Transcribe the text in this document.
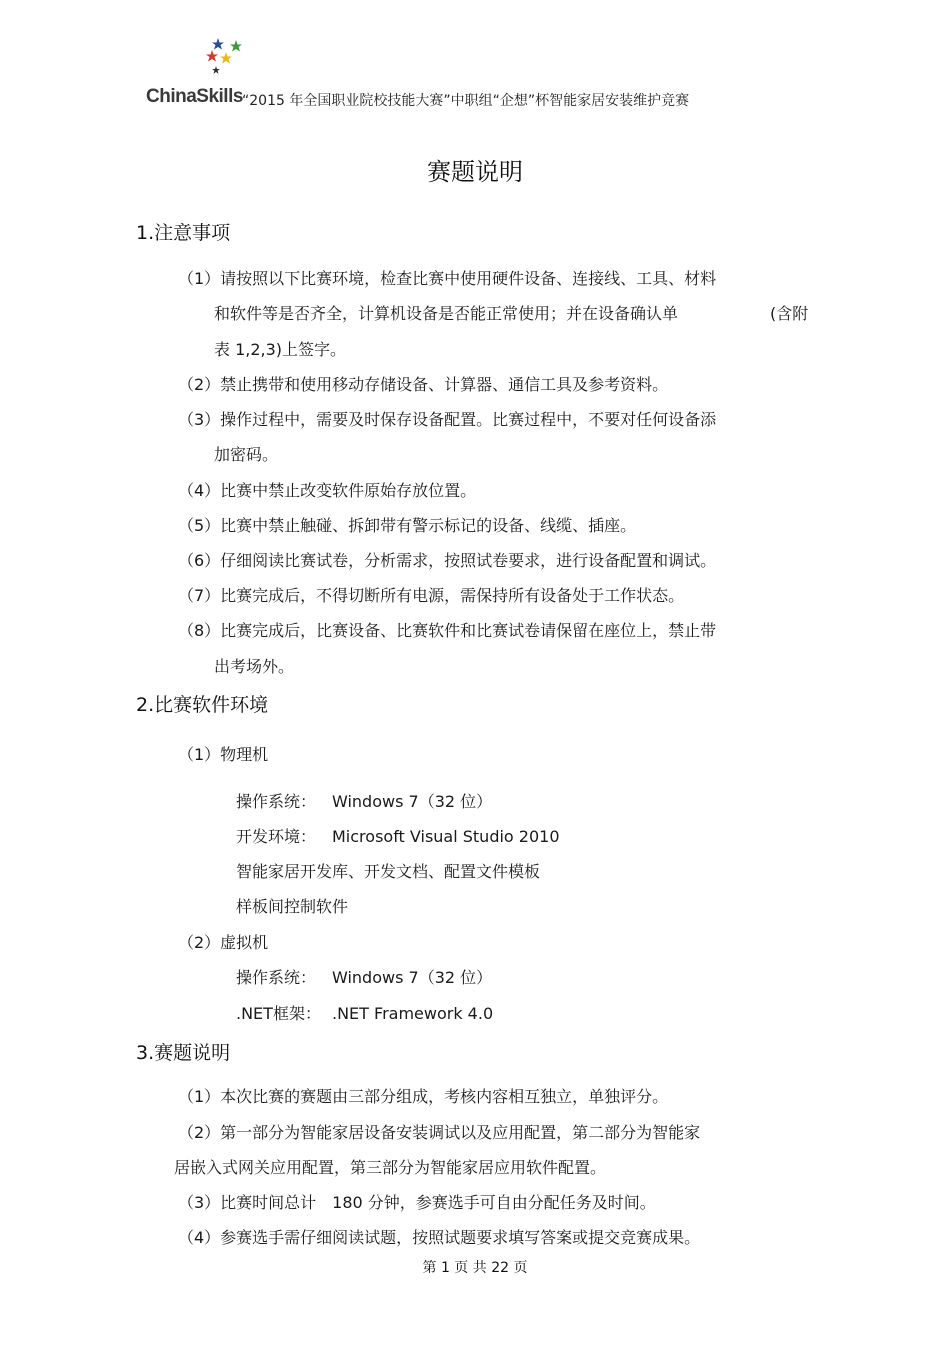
ChinaSkills “2015 年全国职业院校技能大赛”中职组“企想”杯智能家居安装维护竞赛
赛题说明
1.注意事项
（1）请按照以下比赛环境，检查比赛中使用硬件设备、连接线、工具、材料
和软件等是否齐全，计算机设备是否能正常使用；并在设备确认单	(含附
表 1,2,3)上签字。
（2）禁止携带和使用移动存储设备、计算器、通信工具及参考资料。
（3）操作过程中，需要及时保存设备配置。比赛过程中，不要对任何设备添
加密码。
（4）比赛中禁止改变软件原始存放位置。
（5）比赛中禁止触碰、拆卸带有警示标记的设备、线缆、插座。
（6）仔细阅读比赛试卷，分析需求，按照试卷要求，进行设备配置和调试。
（7）比赛完成后，不得切断所有电源，需保持所有设备处于工作状态。
（8）比赛完成后，比赛设备、比赛软件和比赛试卷请保留在座位上，禁止带
出考场外。
2.比赛软件环境
（1）物理机
操作系统： Windows 7（32 位）
开发环境： Microsoft Visual Studio 2010
智能家居开发库、开发文档、配置文件模板
样板间控制软件
（2）虚拟机
操作系统： Windows 7（32 位）
.NET框架： .NET Framework 4.0
3.赛题说明
（1）本次比赛的赛题由三部分组成，考核内容相互独立，单独评分。
（2）第一部分为智能家居设备安装调试以及应用配置，第二部分为智能家
居嵌入式网关应用配置，第三部分为智能家居应用软件配置。
（3）比赛时间总计　180 分钟，参赛选手可自由分配任务及时间。
（4）参赛选手需仔细阅读试题，按照试题要求填写答案或提交竞赛成果。
第 1 页 共 22 页
